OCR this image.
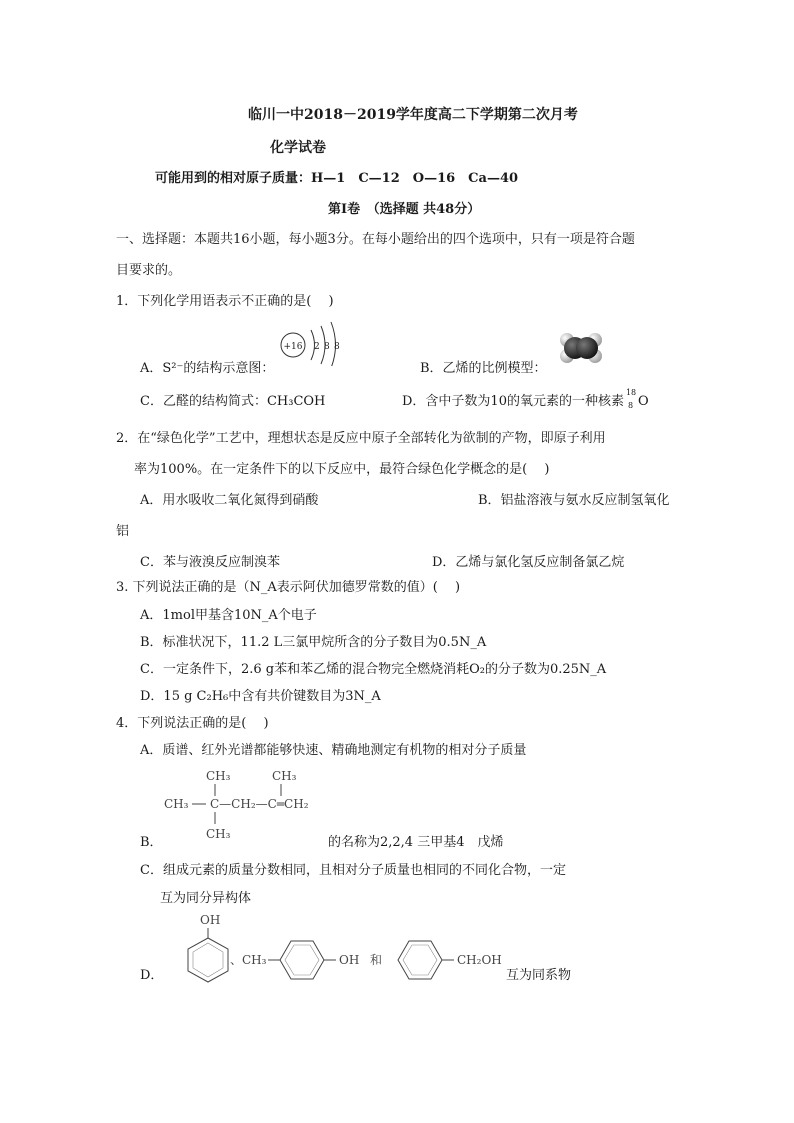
临川一中2018－2019学年度高二下学期第二次月考
化学试卷
可能用到的相对原子质量：H—1　C—12　O—16　Ca—40
第Ⅰ卷　（选择题 共48分）
一、选择题：本题共16小题，每小题3分。在每小题给出的四个选项中，只有一项是符合题
目要求的。
1．下列化学用语表示不正确的是(　 )
A．S²⁻的结构示意图：
+16 2 8 8
B．乙烯的比例模型：
C．乙醛的结构简式：CH₃COH	D．含中子数为10的氧元素的一种核素
18
8 O
2．在“绿色化学”工艺中，理想状态是反应中原子全部转化为欲制的产物，即原子利用
率为100%。在一定条件下的以下反应中，最符合绿色化学概念的是(　 )
A．用水吸收二氧化氮得到硝酸	B．铝盐溶液与氨水反应制氢氧化
铝
C．苯与液溴反应制溴苯	D．乙烯与氯化氢反应制备氯乙烷
3. 下列说法正确的是（N_A表示阿伏加德罗常数的值）(　 )
A．1mol甲基含10N_A个电子
B．标准状况下，11.2 L三氯甲烷所含的分子数目为0.5N_A
C．一定条件下，2.6 g苯和苯乙烯的混合物完全燃烧消耗O₂的分子数为0.25N_A
D．15 g C₂H₆中含有共价键数目为3N_A
4．下列说法正确的是(　 )
A．质谱、红外光谱都能够快速、精确地测定有机物的相对分子质量
CH₃	CH₃
CH₃ C—CH₂—C═CH₂
CH₃
B．	的名称为2,2,4 三甲基4　戊烯
C．组成元素的质量分数相同，且相对分子质量也相同的不同化合物，一定
互为同分异构体
OH
、 CH₃	OH 和	CH₂OH
D．	互为同系物
